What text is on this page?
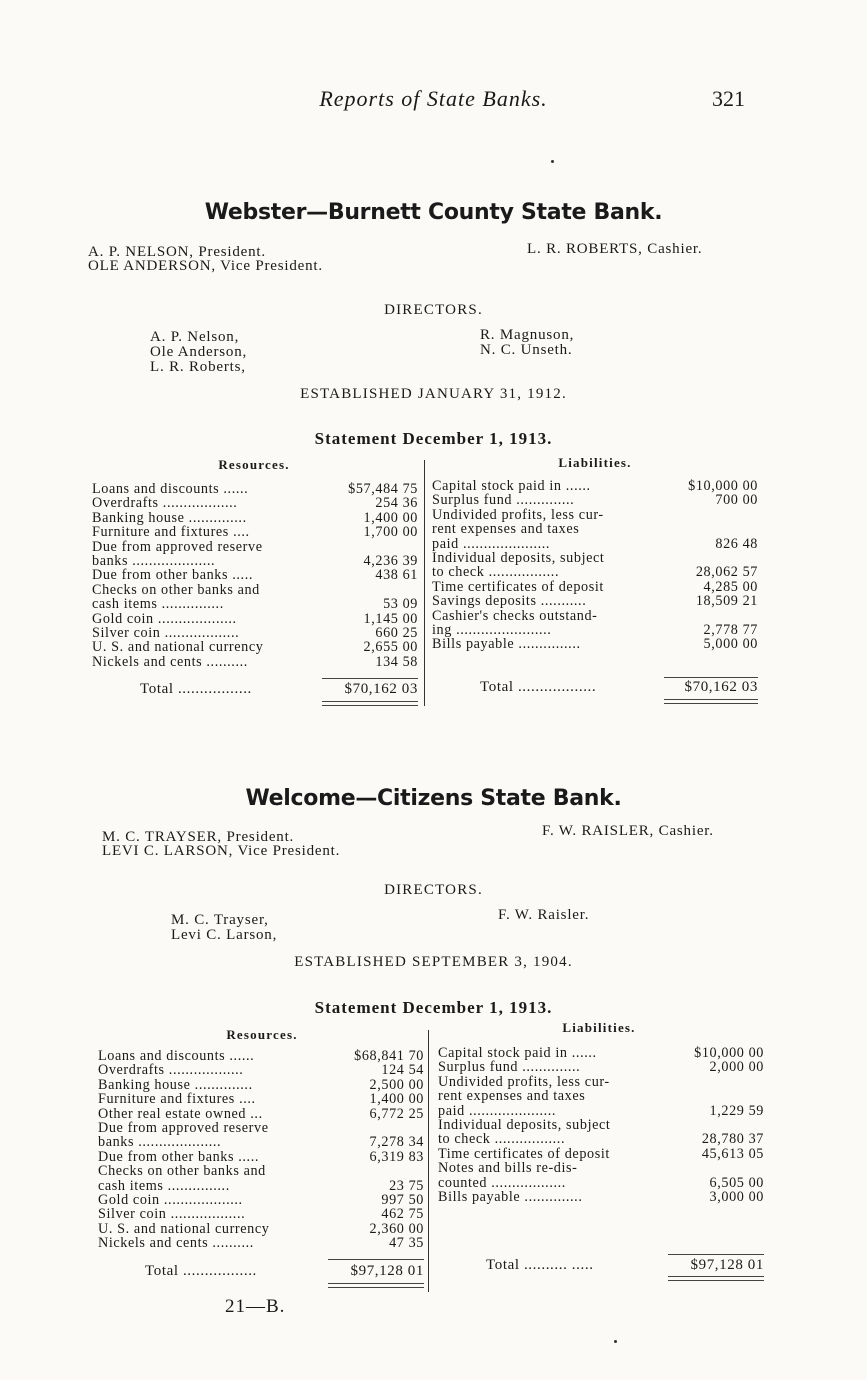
Reports of State Banks.	321
Webster—Burnett County State Bank.
A. P. NELSON, President.
OLE ANDERSON, Vice President.
L. R. ROBERTS, Cashier.
DIRECTORS.
A. P. Nelson,
Ole Anderson,
L. R. Roberts,
R. Magnuson,
N. C. Unseth.
ESTABLISHED JANUARY 31, 1912.
Statement December 1, 1913.
Resources.	Liabilities.
Loans and discounts ......	$57,484 75
Overdrafts ..................	254 36
Banking house ..............	1,400 00
Furniture and fixtures ....	1,700 00
Due from approved reserve
banks ....................	4,236 39
Due from other banks .....	438 61
Checks on other banks and
cash items ...............	53 09
Gold coin ...................	1,145 00
Silver coin ..................	660 25
U. S. and national currency	2,655 00
Nickels and cents ..........	134 58
Capital stock paid in ......	$10,000 00
Surplus fund ..............	700 00
Undivided profits, less cur-
rent expenses and taxes
paid .....................	826 48
Individual deposits, subject
to check .................	28,062 57
Time certificates of deposit	4,285 00
Savings deposits ...........	18,509 21
Cashier's checks outstand-
ing .......................	2,778 77
Bills payable ...............	5,000 00
Total .................	$70,162 03	Total ..................	$70,162 03
Welcome—Citizens State Bank.
M. C. TRAYSER, President.
LEVI C. LARSON, Vice President.
F. W. RAISLER, Cashier.
DIRECTORS.
M. C. Trayser,
Levi C. Larson,
F. W. Raisler.
ESTABLISHED SEPTEMBER 3, 1904.
Statement December 1, 1913.
Resources.	Liabilities.
Loans and discounts ......	$68,841 70
Overdrafts ..................	124 54
Banking house ..............	2,500 00
Furniture and fixtures ....	1,400 00
Other real estate owned ...	6,772 25
Due from approved reserve
banks ....................	7,278 34
Due from other banks .....	6,319 83
Checks on other banks and
cash items ...............	23 75
Gold coin ...................	997 50
Silver coin ..................	462 75
U. S. and national currency	2,360 00
Nickels and cents ..........	47 35
Capital stock paid in ......	$10,000 00
Surplus fund ..............	2,000 00
Undivided profits, less cur-
rent expenses and taxes
paid .....................	1,229 59
Individual deposits, subject
to check .................	28,780 37
Time certificates of deposit	45,613 05
Notes and bills re-dis-
counted ..................	6,505 00
Bills payable ..............	3,000 00
Total .................	$97,128 01	Total .......... .....	$97,128 01
21—B.
